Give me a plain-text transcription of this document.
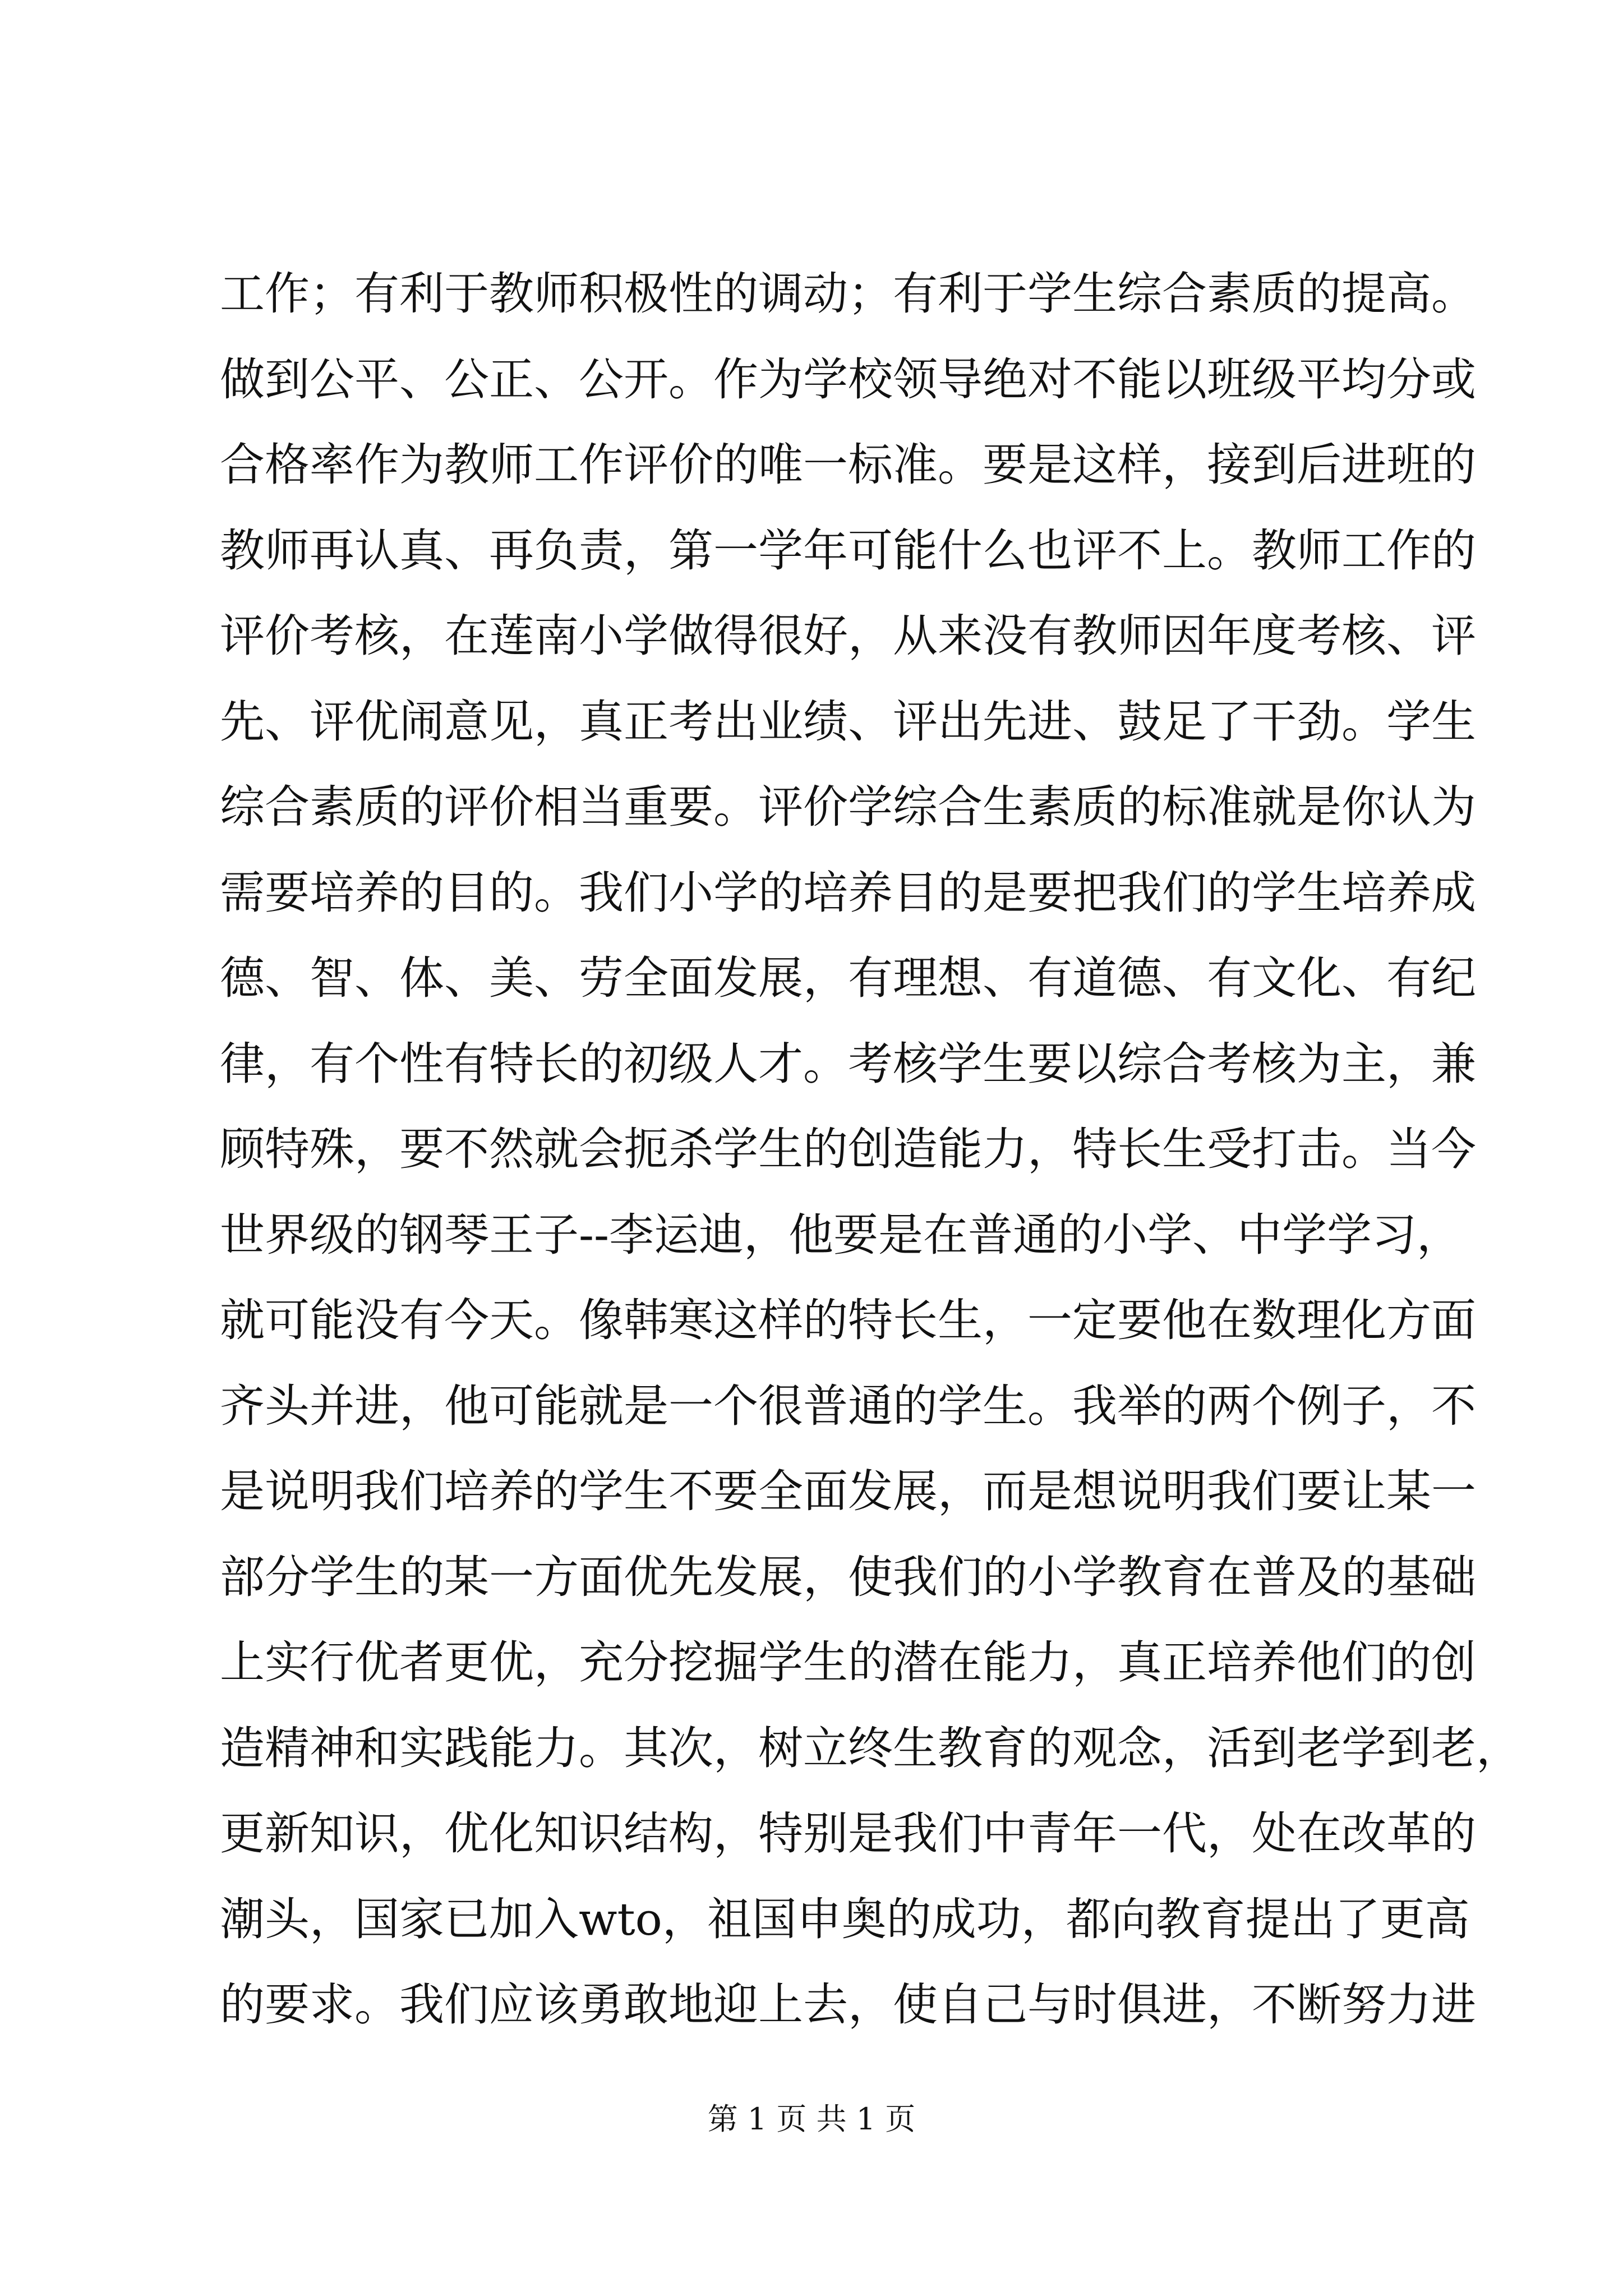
工作；有利于教师积极性的调动；有利于学生综合素质的提高。
做到公平、公正、公开。作为学校领导绝对不能以班级平均分或
合格率作为教师工作评价的唯一标准。要是这样，接到后进班的
教师再认真、再负责，第一学年可能什么也评不上。教师工作的
评价考核，在莲南小学做得很好，从来没有教师因年度考核、评
先、评优闹意见，真正考出业绩、评出先进、鼓足了干劲。学生
综合素质的评价相当重要。评价学综合生素质的标准就是你认为
需要培养的目的。我们小学的培养目的是要把我们的学生培养成
德、智、体、美、劳全面发展，有理想、有道德、有文化、有纪
律，有个性有特长的初级人才。考核学生要以综合考核为主，兼
顾特殊，要不然就会扼杀学生的创造能力，特长生受打击。当今
世界级的钢琴王子--李运迪，他要是在普通的小学、中学学习，
就可能没有今天。像韩寒这样的特长生，一定要他在数理化方面
齐头并进，他可能就是一个很普通的学生。我举的两个例子，不
是说明我们培养的学生不要全面发展，而是想说明我们要让某一
部分学生的某一方面优先发展，使我们的小学教育在普及的基础
上实行优者更优，充分挖掘学生的潜在能力，真正培养他们的创
造精神和实践能力。其次，树立终生教育的观念，活到老学到老，
更新知识，优化知识结构，特别是我们中青年一代，处在改革的
潮头，国家已加入wto，祖国申奥的成功，都向教育提出了更高
的要求。我们应该勇敢地迎上去，使自己与时俱进，不断努力进
第 1 页 共 1 页
